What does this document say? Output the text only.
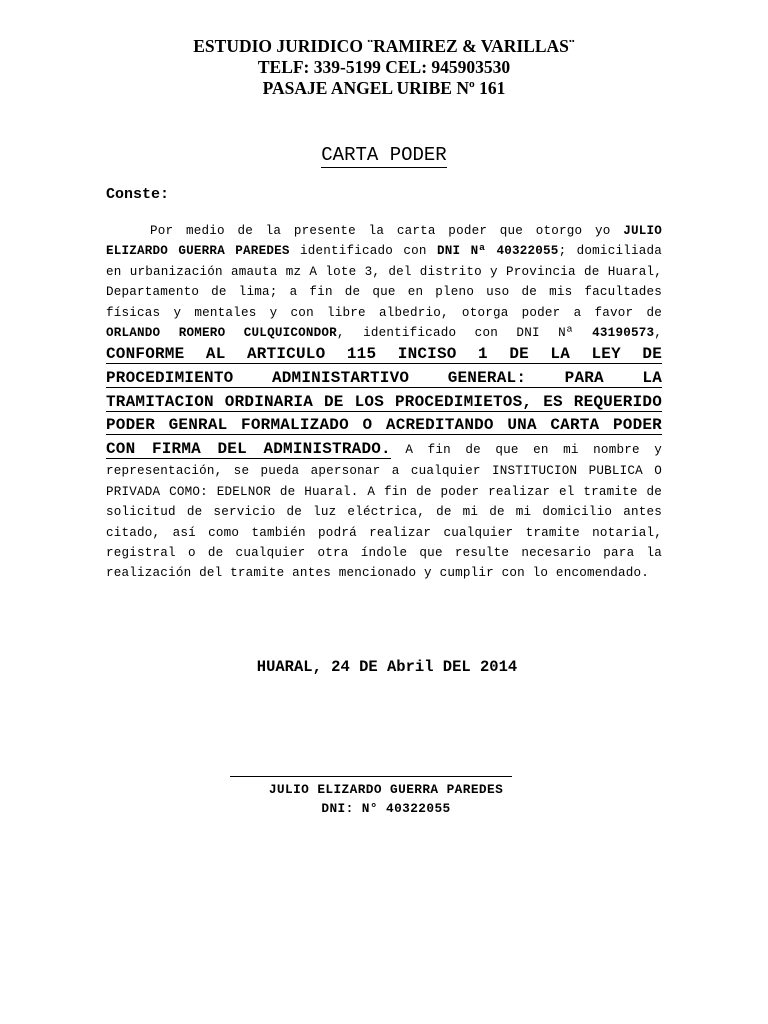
ESTUDIO JURIDICO ¨RAMIREZ & VARILLAS¨
TELF: 339-5199 CEL: 945903530
PASAJE ANGEL URIBE Nº 161
CARTA PODER
Conste:
Por medio de la presente la carta poder que otorgo yo JULIO ELIZARDO GUERRA PAREDES identificado con DNI Nª 40322055; domiciliada en urbanización amauta mz A lote 3, del distrito y Provincia de Huaral, Departamento de lima; a fin de que en pleno uso de mis facultades físicas y mentales y con libre albedrio, otorga poder a favor de ORLANDO ROMERO CULQUICONDOR, identificado con DNI Nª 43190573, CONFORME AL ARTICULO 115 INCISO 1 DE LA LEY DE PROCEDIMIENTO ADMINISTARTIVO GENERAL: PARA LA TRAMITACION ORDINARIA DE LOS PROCEDIMIETOS, ES REQUERIDO PODER GENRAL FORMALIZADO O ACREDITANDO UNA CARTA PODER CON FIRMA DEL ADMINISTRADO. A fin de que en mi nombre y representación, se pueda apersonar a cualquier INSTITUCION PUBLICA O PRIVADA COMO: EDELNOR de Huaral. A fin de poder realizar el tramite de solicitud de servicio de luz eléctrica, de mi de mi domicilio antes citado, así como también podrá realizar cualquier tramite notarial, registral o de cualquier otra índole que resulte necesario para la realización del tramite antes mencionado y cumplir con lo encomendado.
HUARAL, 24 DE Abril DEL 2014
JULIO ELIZARDO GUERRA PAREDES
DNI: N° 40322055
